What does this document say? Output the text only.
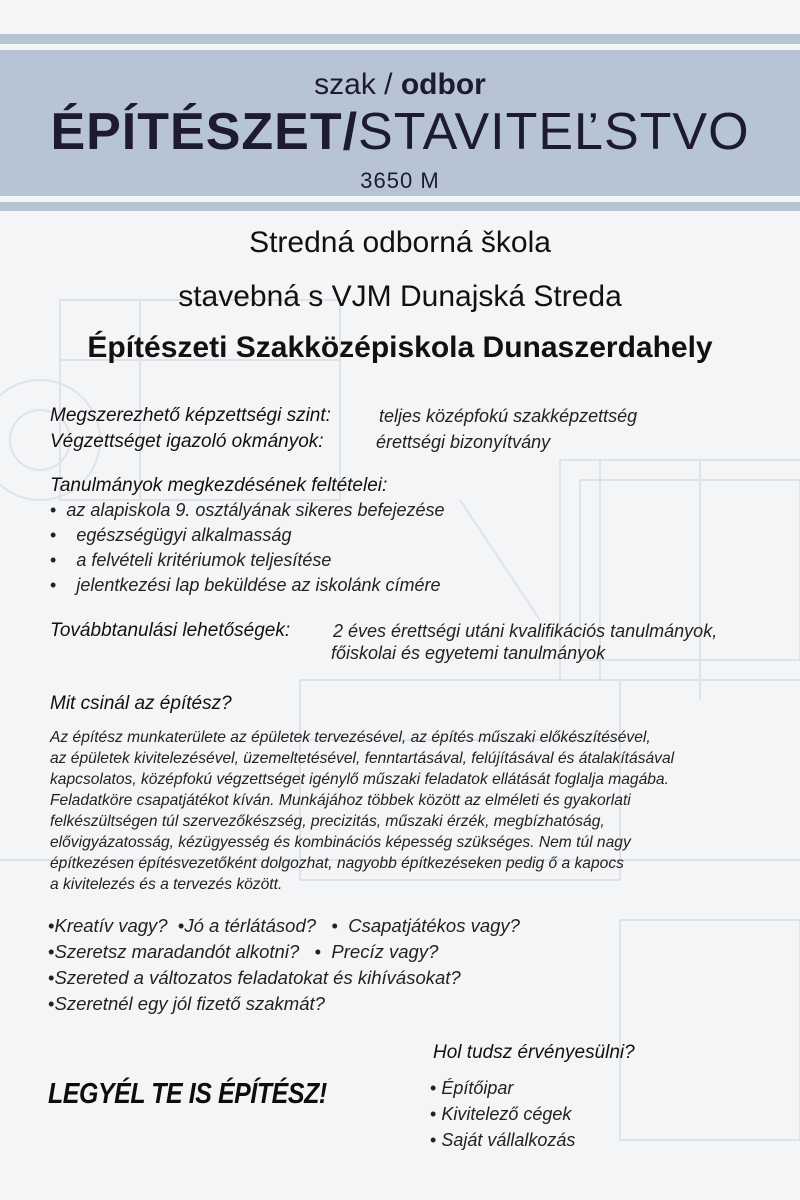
szak / odbor
ÉPÍTÉSZET/STAVITEĽSTVO
3650 M
Stredná odborná škola
stavebná s VJM Dunajská Streda
Építészeti Szakközépiskola Dunaszerdahely
Megszerezhető képzettségi szint:	teljes középfokú szakképzettség
Végzettséget igazoló okmányok:	érettségi bizonyítvány
Tanulmányok megkezdésének feltételei:
• az alapiskola 9. osztályának sikeres befejezése
• egészségügyi alkalmasság
• a felvételi kritériumok teljesítése
• jelentkezési lap beküldése az iskolánk címére
Továbbtanulási lehetőségek: 2 éves érettségi utáni kvalifikációs tanulmányok,
főiskolai és egyetemi tanulmányok
Mit csinál az építész?
Az építész munkaterülete az épületek tervezésével, az építés műszaki előkészítésével,
az épületek kivitelezésével, üzemeltetésével, fenntartásával, felújításával és átalakításával
kapcsolatos, középfokú végzettséget igénylő műszaki feladatok ellátását foglalja magába.
Feladatköre csapatjátékot kíván. Munkájához többek között az elméleti és gyakorlati
felkészültségen túl szervezőkészség, precizitás, műszaki érzék, megbízhatóság,
elővigyázatosság, kézügyesség és kombinációs képesség szükséges. Nem túl nagy
építkezésen építésvezetőként dolgozhat, nagyobb építkezéseken pedig ő a kapocs
a kivitelezés és a tervezés között.
•Kreatív vagy? •Jó a térlátásod? • Csapatjátékos vagy?
•Szeretsz maradandót alkotni? • Precíz vagy?
•Szereted a változatos feladatokat és kihívásokat?
•Szeretnél egy jól fizető szakmát?
Hol tudsz érvényesülni?
• Építőipar
• Kivitelező cégek
• Saját vállalkozás
LEGYÉL TE IS ÉPÍTÉSZ!
